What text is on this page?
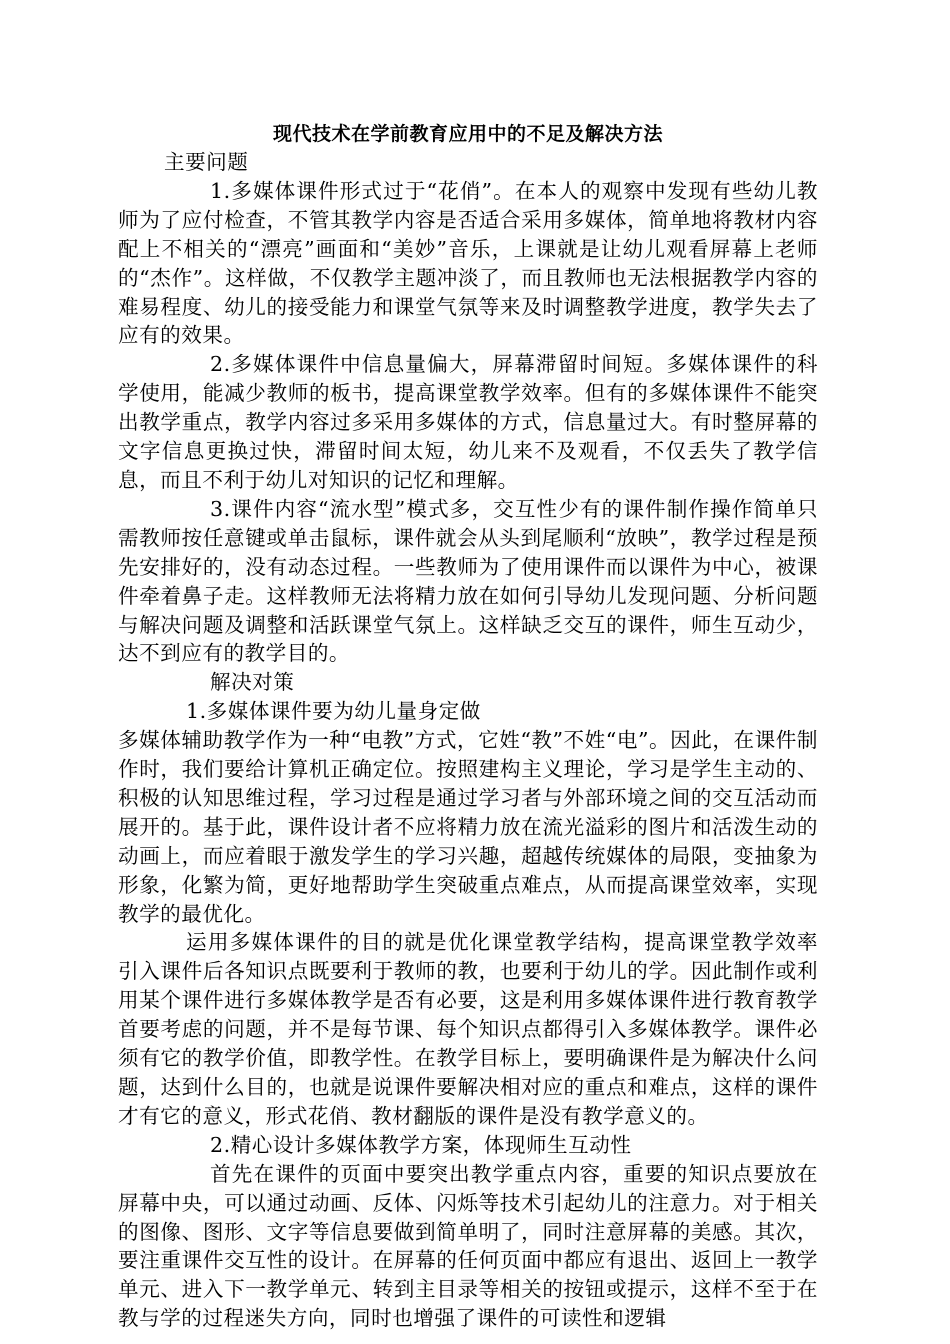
现代技术在学前教育应用中的不足及解决方法
主要问题

1.多媒体课件形式过于“花俏”。在本人的观察中发现有些幼儿教师为了应付检查，不管其教学内容是否适合采用多媒体，简单地将教材内容配上不相关的“漂亮”画面和“美妙”音乐，上课就是让幼儿观看屏幕上老师的“杰作”。这样做，不仅教学主题冲淡了，而且教师也无法根据教学内容的难易程度、幼儿的接受能力和课堂气氛等来及时调整教学进度，教学失去了应有的效果。

2.多媒体课件中信息量偏大，屏幕滞留时间短。多媒体课件的科学使用，能减少教师的板书，提高课堂教学效率。但有的多媒体课件不能突出教学重点，教学内容过多采用多媒体的方式，信息量过大。有时整屏幕的文字信息更换过快，滞留时间太短，幼儿来不及观看，不仅丢失了教学信息，而且不利于幼儿对知识的记忆和理解。

3.课件内容“流水型”模式多，交互性少有的课件制作操作简单只需教师按任意键或单击鼠标，课件就会从头到尾顺利“放映”，教学过程是预先安排好的，没有动态过程。一些教师为了使用课件而以课件为中心，被课件牵着鼻子走。这样教师无法将精力放在如何引导幼儿发现问题、分析问题与解决问题及调整和活跃课堂气氛上。这样缺乏交互的课件，师生互动少，达不到应有的教学目的。

解决对策
1.多媒体课件要为幼儿量身定做

多媒体辅助教学作为一种“电教”方式，它姓“教”不姓“电”。因此，在课件制作时，我们要给计算机正确定位。按照建构主义理论，学习是学生主动的、积极的认知思维过程，学习过程是通过学习者与外部环境之间的交互活动而展开的。基于此，课件设计者不应将精力放在流光溢彩的图片和活泼生动的动画上，而应着眼于激发学生的学习兴趣，超越传统媒体的局限，变抽象为形象，化繁为简，更好地帮助学生突破重点难点，从而提高课堂效率，实现教学的最优化。

运用多媒体课件的目的就是优化课堂教学结构，提高课堂教学效率引入课件后各知识点既要利于教师的教，也要利于幼儿的学。因此制作或利用某个课件进行多媒体教学是否有必要，这是利用多媒体课件进行教育教学首要考虑的问题，并不是每节课、每个知识点都得引入多媒体教学。课件必须有它的教学价值，即教学性。在教学目标上，要明确课件是为解决什么问题，达到什么目的，也就是说课件要解决相对应的重点和难点，这样的课件才有它的意义，形式花俏、教材翻版的课件是没有教学意义的。

2.精心设计多媒体教学方案，体现师生互动性

首先在课件的页面中要突出教学重点内容，重要的知识点要放在屏幕中央，可以通过动画、反体、闪烁等技术引起幼儿的注意力。对于相关的图像、图形、文字等信息要做到简单明了，同时注意屏幕的美感。其次，要注重课件交互性的设计。在屏幕的任何页面中都应有退出、返回上一教学单元、进入下一教学单元、转到主目录等相关的按钮或提示，这样不至于在教与学的过程迷失方向，同时也增强了课件的可读性和逻辑
